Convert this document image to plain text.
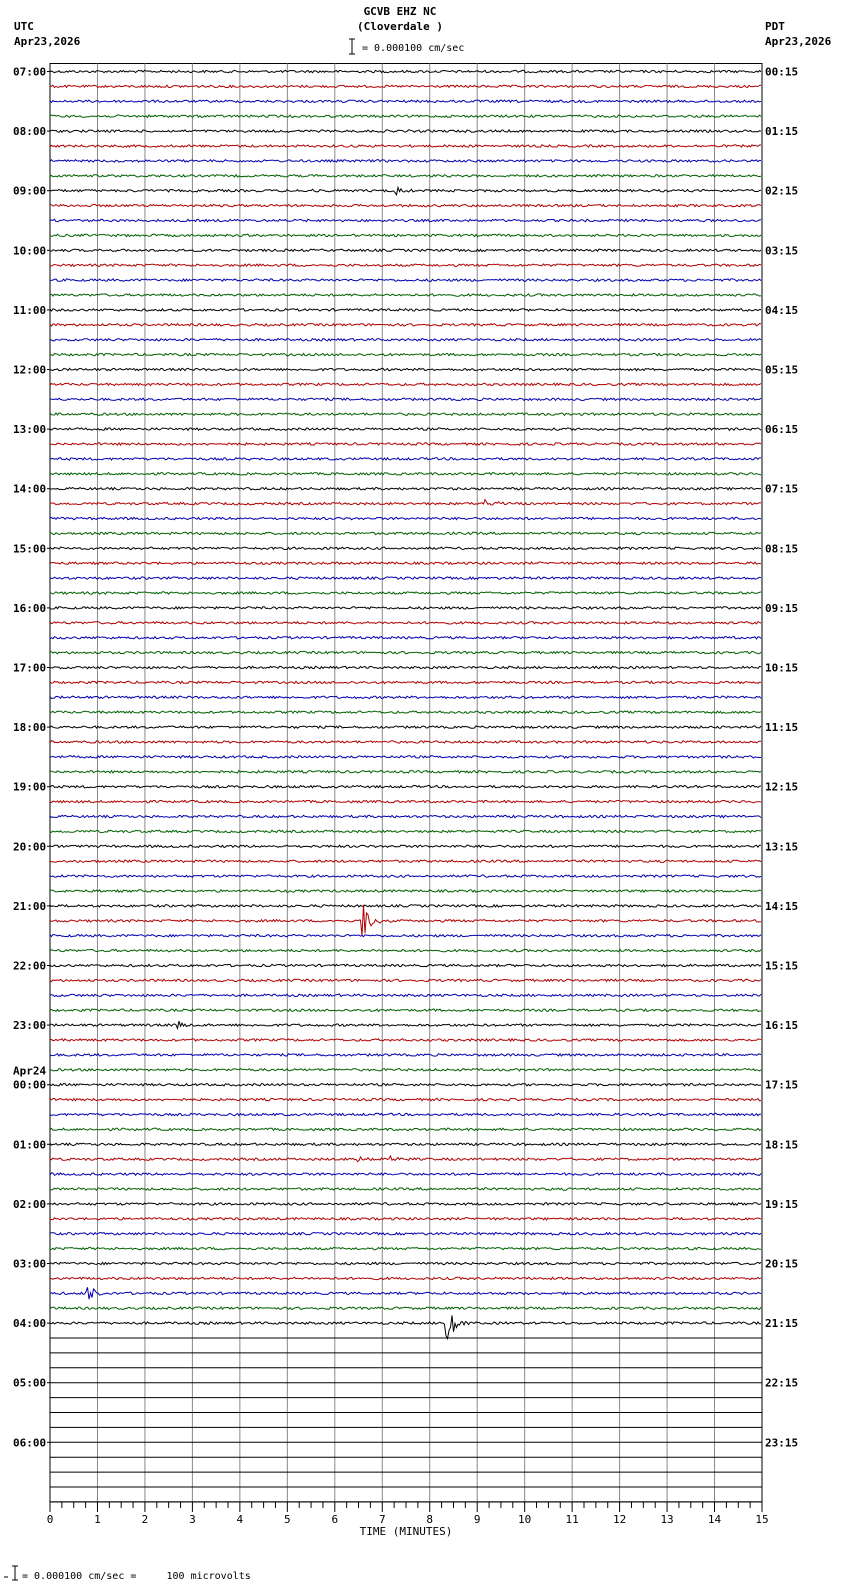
UTC
Apr23,2026
GCVB EHZ NC
(Cloverdale )	PDT
Apr23,2026
= 0.000100 cm/sec
= 0.000100 cm/sec =     100 microvolts
07:00
08:00
09:00
10:00
11:00
12:00
13:00
14:00
15:00
16:00
17:00
18:00
19:00
20:00
21:00
22:00
23:00
00:00
01:00
02:00
03:00
04:00
05:00
06:00
Apr24
00:15
01:15
02:15
03:15
04:15
05:15
06:15
07:15
08:15
09:15
10:15
11:15
12:15
13:15
14:15
15:15
16:15
17:15
18:15
19:15
20:15
21:15
22:15
23:15
0	1	2	3	4	5	6	7	8	9	10	11	12	13	14	15
TIME (MINUTES)
